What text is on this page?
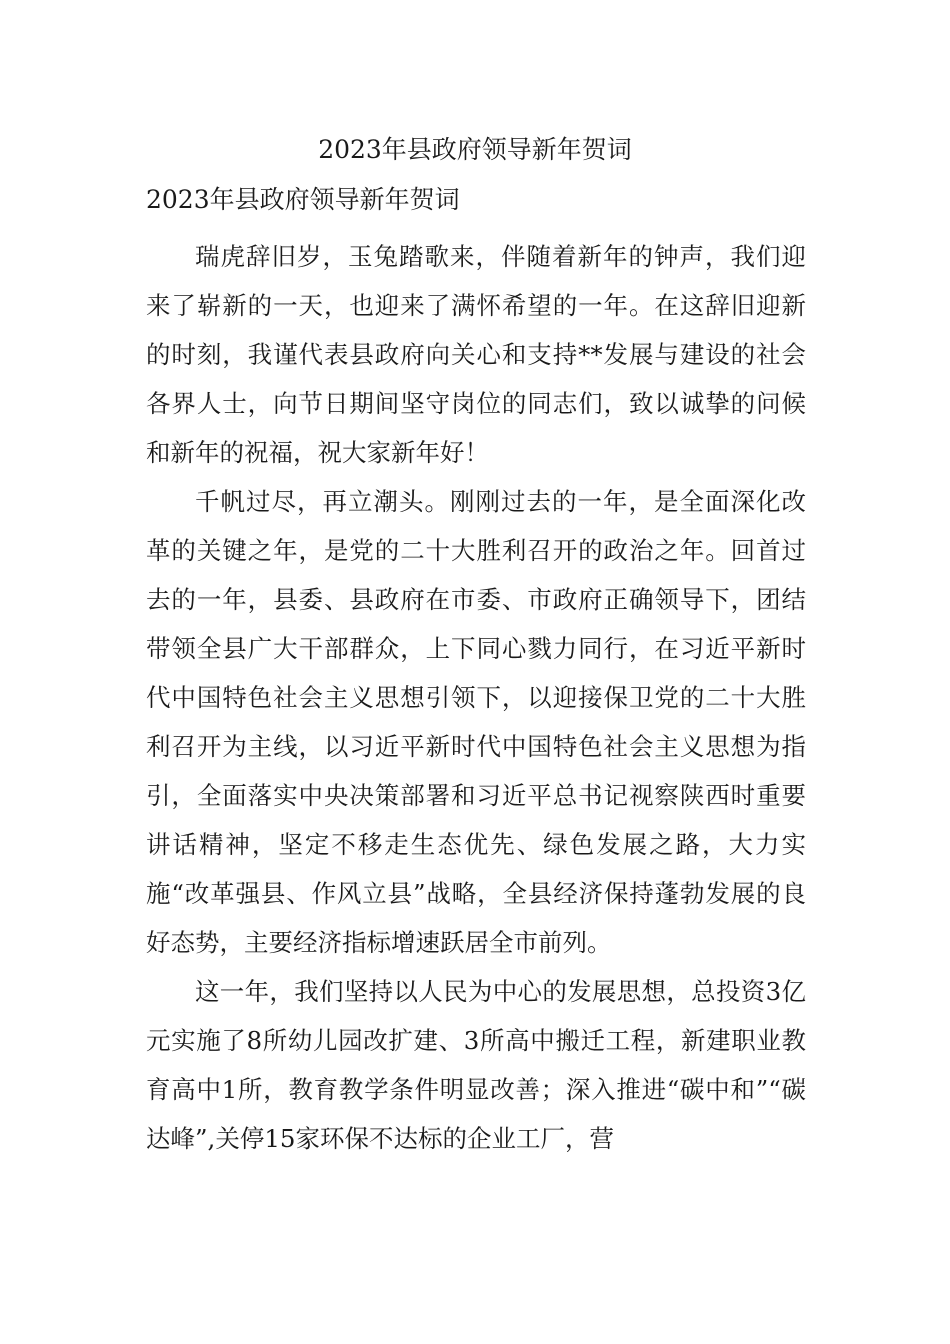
2023年县政府领导新年贺词
2023年县政府领导新年贺词

瑞虎辞旧岁，玉兔踏歌来，伴随着新年的钟声，我们迎来了崭新的一天，也迎来了满怀希望的一年。在这辞旧迎新的时刻，我谨代表县政府向关心和支持**发展与建设的社会各界人士，向节日期间坚守岗位的同志们，致以诚挚的问候和新年的祝福，祝大家新年好！

千帆过尽，再立潮头。刚刚过去的一年，是全面深化改革的关键之年，是党的二十大胜利召开的政治之年。回首过去的一年，县委、县政府在市委、市政府正确领导下，团结带领全县广大干部群众，上下同心戮力同行，在习近平新时代中国特色社会主义思想引领下，以迎接保卫党的二十大胜利召开为主线，以习近平新时代中国特色社会主义思想为指引，全面落实中央决策部署和习近平总书记视察陕西时重要讲话精神，坚定不移走生态优先、绿色发展之路，大力实施“改革强县、作风立县”战略，全县经济保持蓬勃发展的良好态势，主要经济指标增速跃居全市前列。

这一年，我们坚持以人民为中心的发展思想，总投资3亿元实施了8所幼儿园改扩建、3所高中搬迁工程，新建职业教育高中1所，教育教学条件明显改善；深入推进“碳中和”“碳达峰”,关停15家环保不达标的企业工厂，营
